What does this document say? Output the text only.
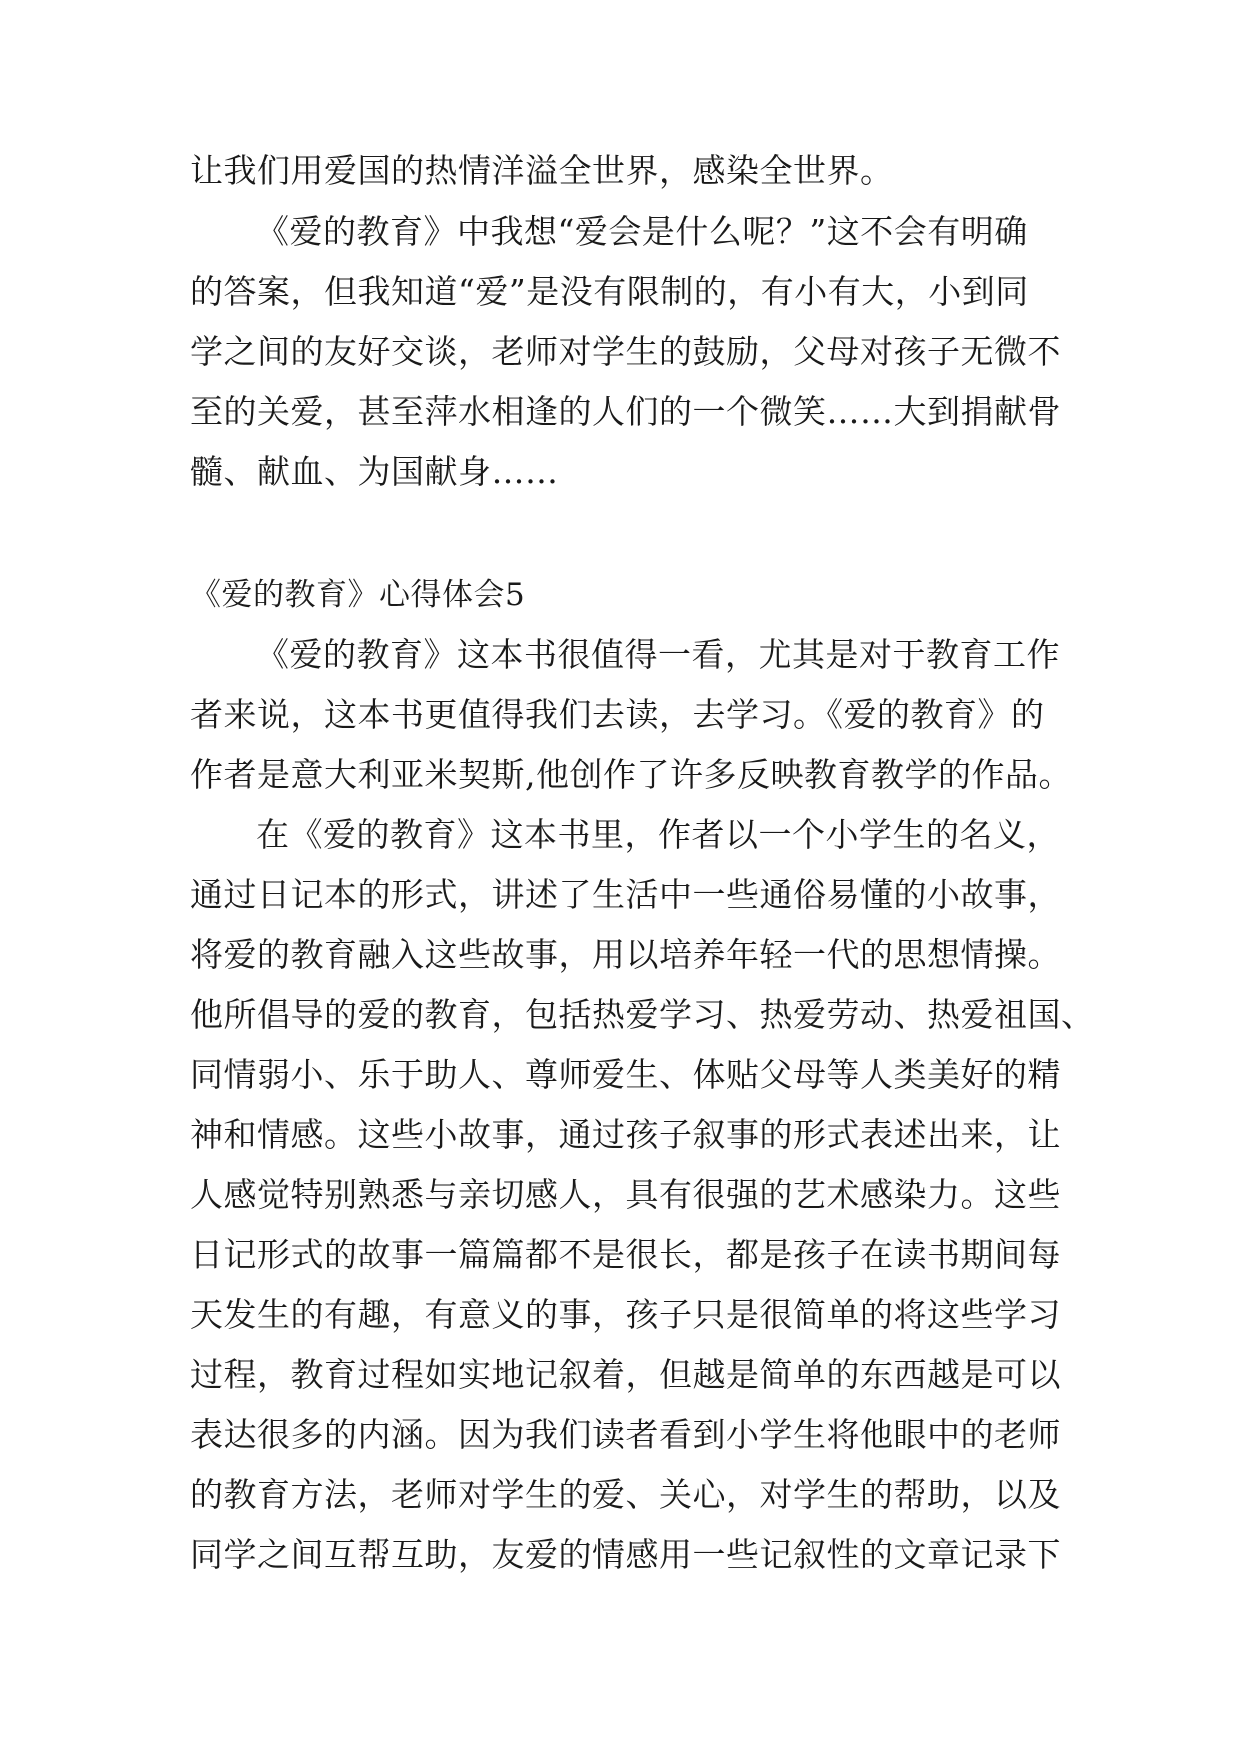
让我们用爱国的热情洋溢全世界，感染全世界。
《爱的教育》中我想“爱会是什么呢？”这不会有明确
的答案，但我知道“爱”是没有限制的，有小有大，小到同
学之间的友好交谈，老师对学生的鼓励，父母对孩子无微不
至的关爱，甚至萍水相逢的人们的一个微笑……大到捐献骨
髓、献血、为国献身……
《爱的教育》心得体会5
《爱的教育》这本书很值得一看，尤其是对于教育工作
者来说，这本书更值得我们去读，去学习。《爱的教育》的
作者是意大利亚米契斯,他创作了许多反映教育教学的作品。
在《爱的教育》这本书里，作者以一个小学生的名义，
通过日记本的形式，讲述了生活中一些通俗易懂的小故事，
将爱的教育融入这些故事，用以培养年轻一代的思想情操。
他所倡导的爱的教育，包括热爱学习、热爱劳动、热爱祖国、
同情弱小、乐于助人、尊师爱生、体贴父母等人类美好的精
神和情感。这些小故事，通过孩子叙事的形式表述出来，让
人感觉特别熟悉与亲切感人，具有很强的艺术感染力。这些
日记形式的故事一篇篇都不是很长，都是孩子在读书期间每
天发生的有趣，有意义的事，孩子只是很简单的将这些学习
过程，教育过程如实地记叙着，但越是简单的东西越是可以
表达很多的内涵。因为我们读者看到小学生将他眼中的老师
的教育方法，老师对学生的爱、关心，对学生的帮助，以及
同学之间互帮互助，友爱的情感用一些记叙性的文章记录下
